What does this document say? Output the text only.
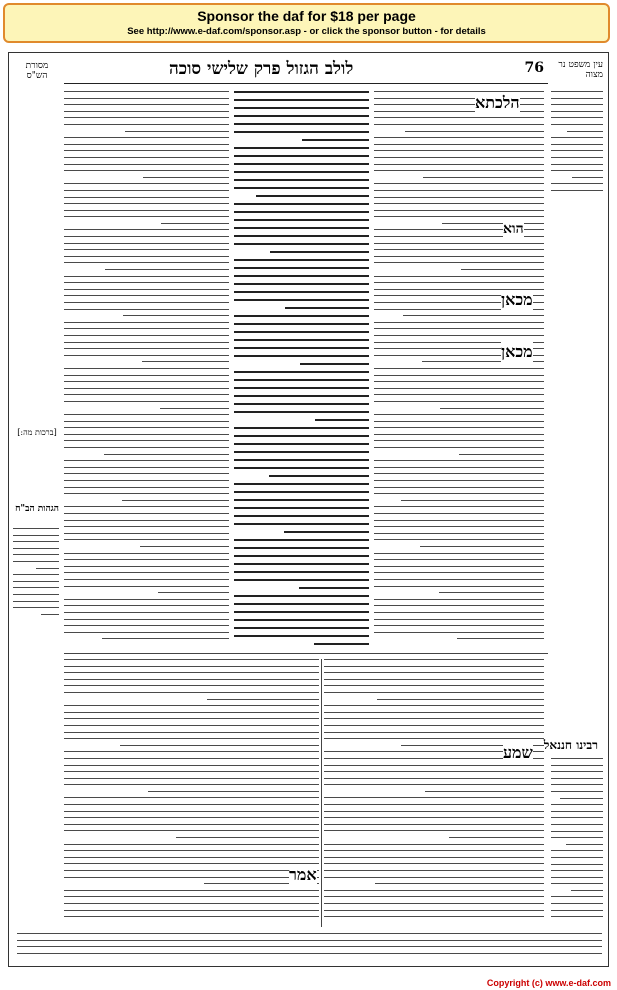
Sponsor the daf for $18 per page
See http://www.e-daf.com/sponsor.asp - or click the sponsor button - for details
מסורת הש"ס	לולב הגזול פרק שלישי סוכה	76	עין משפט נר מצוה
רבינו חננאל
[ברכות מה:]
הגהות הב"ח
הלכתא
מכאן
מכאן
הוא
שמע
אמר
Copyright (c) www.e-daf.com
